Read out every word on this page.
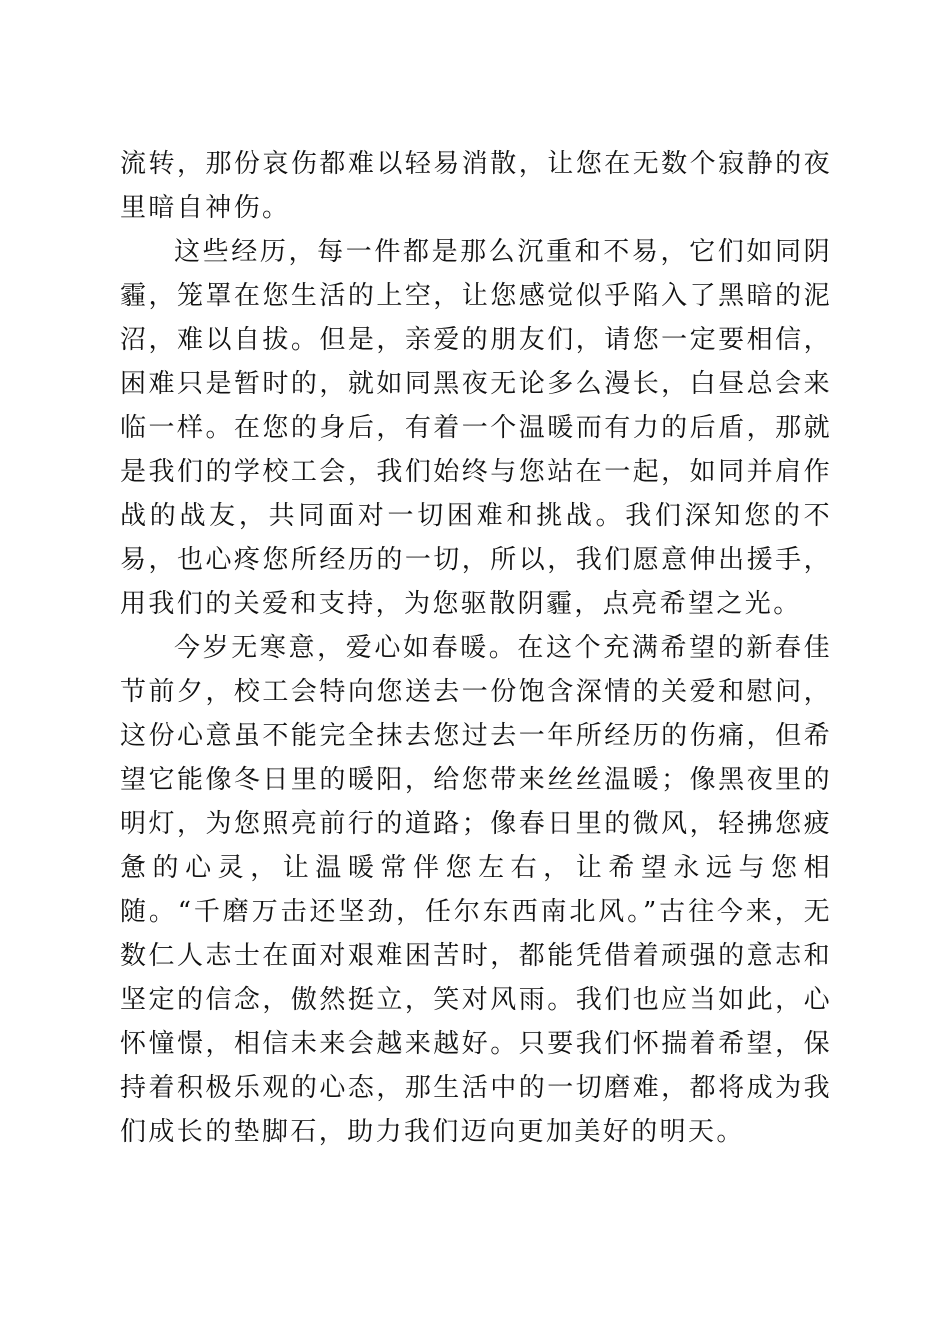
流转，那份哀伤都难以轻易消散，让您在无数个寂静的夜里暗自神伤。

这些经历，每一件都是那么沉重和不易，它们如同阴霾，笼罩在您生活的上空，让您感觉似乎陷入了黑暗的泥沼，难以自拔。但是，亲爱的朋友们，请您一定要相信，困难只是暂时的，就如同黑夜无论多么漫长，白昼总会来临一样。在您的身后，有着一个温暖而有力的后盾，那就是我们的学校工会，我们始终与您站在一起，如同并肩作战的战友，共同面对一切困难和挑战。我们深知您的不易，也心疼您所经历的一切，所以，我们愿意伸出援手，用我们的关爱和支持，为您驱散阴霾，点亮希望之光。

今岁无寒意，爱心如春暖。在这个充满希望的新春佳节前夕，校工会特向您送去一份饱含深情的关爱和慰问，这份心意虽不能完全抹去您过去一年所经历的伤痛，但希望它能像冬日里的暖阳，给您带来丝丝温暖；像黑夜里的明灯，为您照亮前行的道路；像春日里的微风，轻拂您疲惫的心灵，让温暖常伴您左右，让希望永远与您相随。“千磨万击还坚劲，任尔东西南北风。”古往今来，无数仁人志士在面对艰难困苦时，都能凭借着顽强的意志和坚定的信念，傲然挺立，笑对风雨。我们也应当如此，心怀憧憬，相信未来会越来越好。只要我们怀揣着希望，保持着积极乐观的心态，那生活中的一切磨难，都将成为我们成长的垫脚石，助力我们迈向更加美好的明天。
